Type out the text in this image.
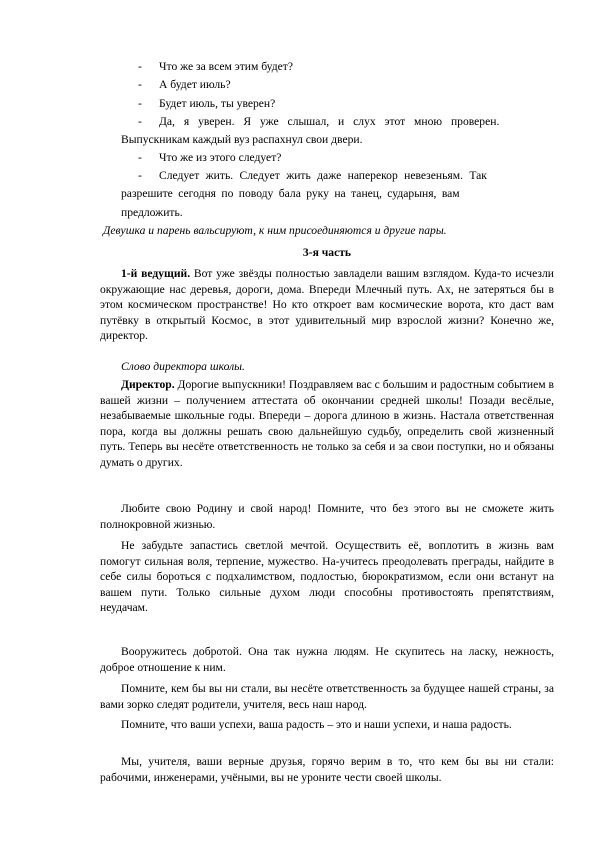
- Что же за всем этим будет?
- А будет июль?
- Будет июль, ты уверен?
- Да, я уверен. Я уже слышал, и слух этот мною проверен.
Выпускникам каждый вуз распахнул свои двери.
- Что же из этого следует?
- Следует жить. Следует жить даже наперекор невезеньям. Так
разрешите сегодня по поводу бала руку на танец, сударыня, вам
предложить.
Девушка и парень вальсируют, к ним присоединяются и другие пары.
3-я часть
1-й ведущий. Вот уже звёзды полностью завладели вашим взглядом. Куда-то исчезли окружающие нас деревья, дороги, дома. Впереди Млечный путь. Ах, не затеряться бы в этом космическом пространстве! Но кто откроет вам космические ворота, кто даст вам путёвку в открытый Космос, в этот удивительный мир взрослой жизни? Конечно же, директор.
Слово директора школы.
Директор. Дорогие выпускники! Поздравляем вас с большим и радостным событием в вашей жизни – получением аттестата об окончании средней школы! Позади весёлые, незабываемые школьные годы. Впереди – дорога длиною в жизнь. Настала ответственная пора, когда вы должны решать свою дальнейшую судьбу, определить свой жизненный путь. Теперь вы несёте ответственность не только за себя и за свои поступки, но и обязаны думать о других.
Любите свою Родину и свой народ! Помните, что без этого вы не сможете жить полнокровной жизнью.
Не забудьте запастись светлой мечтой. Осуществить её, воплотить в жизнь вам помогут сильная воля, терпение, мужество. На-учитесь преодолевать преграды, найдите в себе силы бороться с подхалимством, подлостью, бюрократизмом, если они встанут на вашем пути. Только сильные духом люди способны противостоять препятствиям, неудачам.
Вооружитесь добротой. Она так нужна людям. Не скупитесь на ласку, нежность, доброе отношение к ним.
Помните, кем бы вы ни стали, вы несёте ответственность за будущее нашей страны, за вами зорко следят родители, учителя, весь наш народ.
Помните, что ваши успехи, ваша радость – это и наши успехи, и наша радость.
Мы, учителя, ваши верные друзья, горячо верим в то, что кем бы вы ни стали: рабочими, инженерами, учёными, вы не уроните чести своей школы.
